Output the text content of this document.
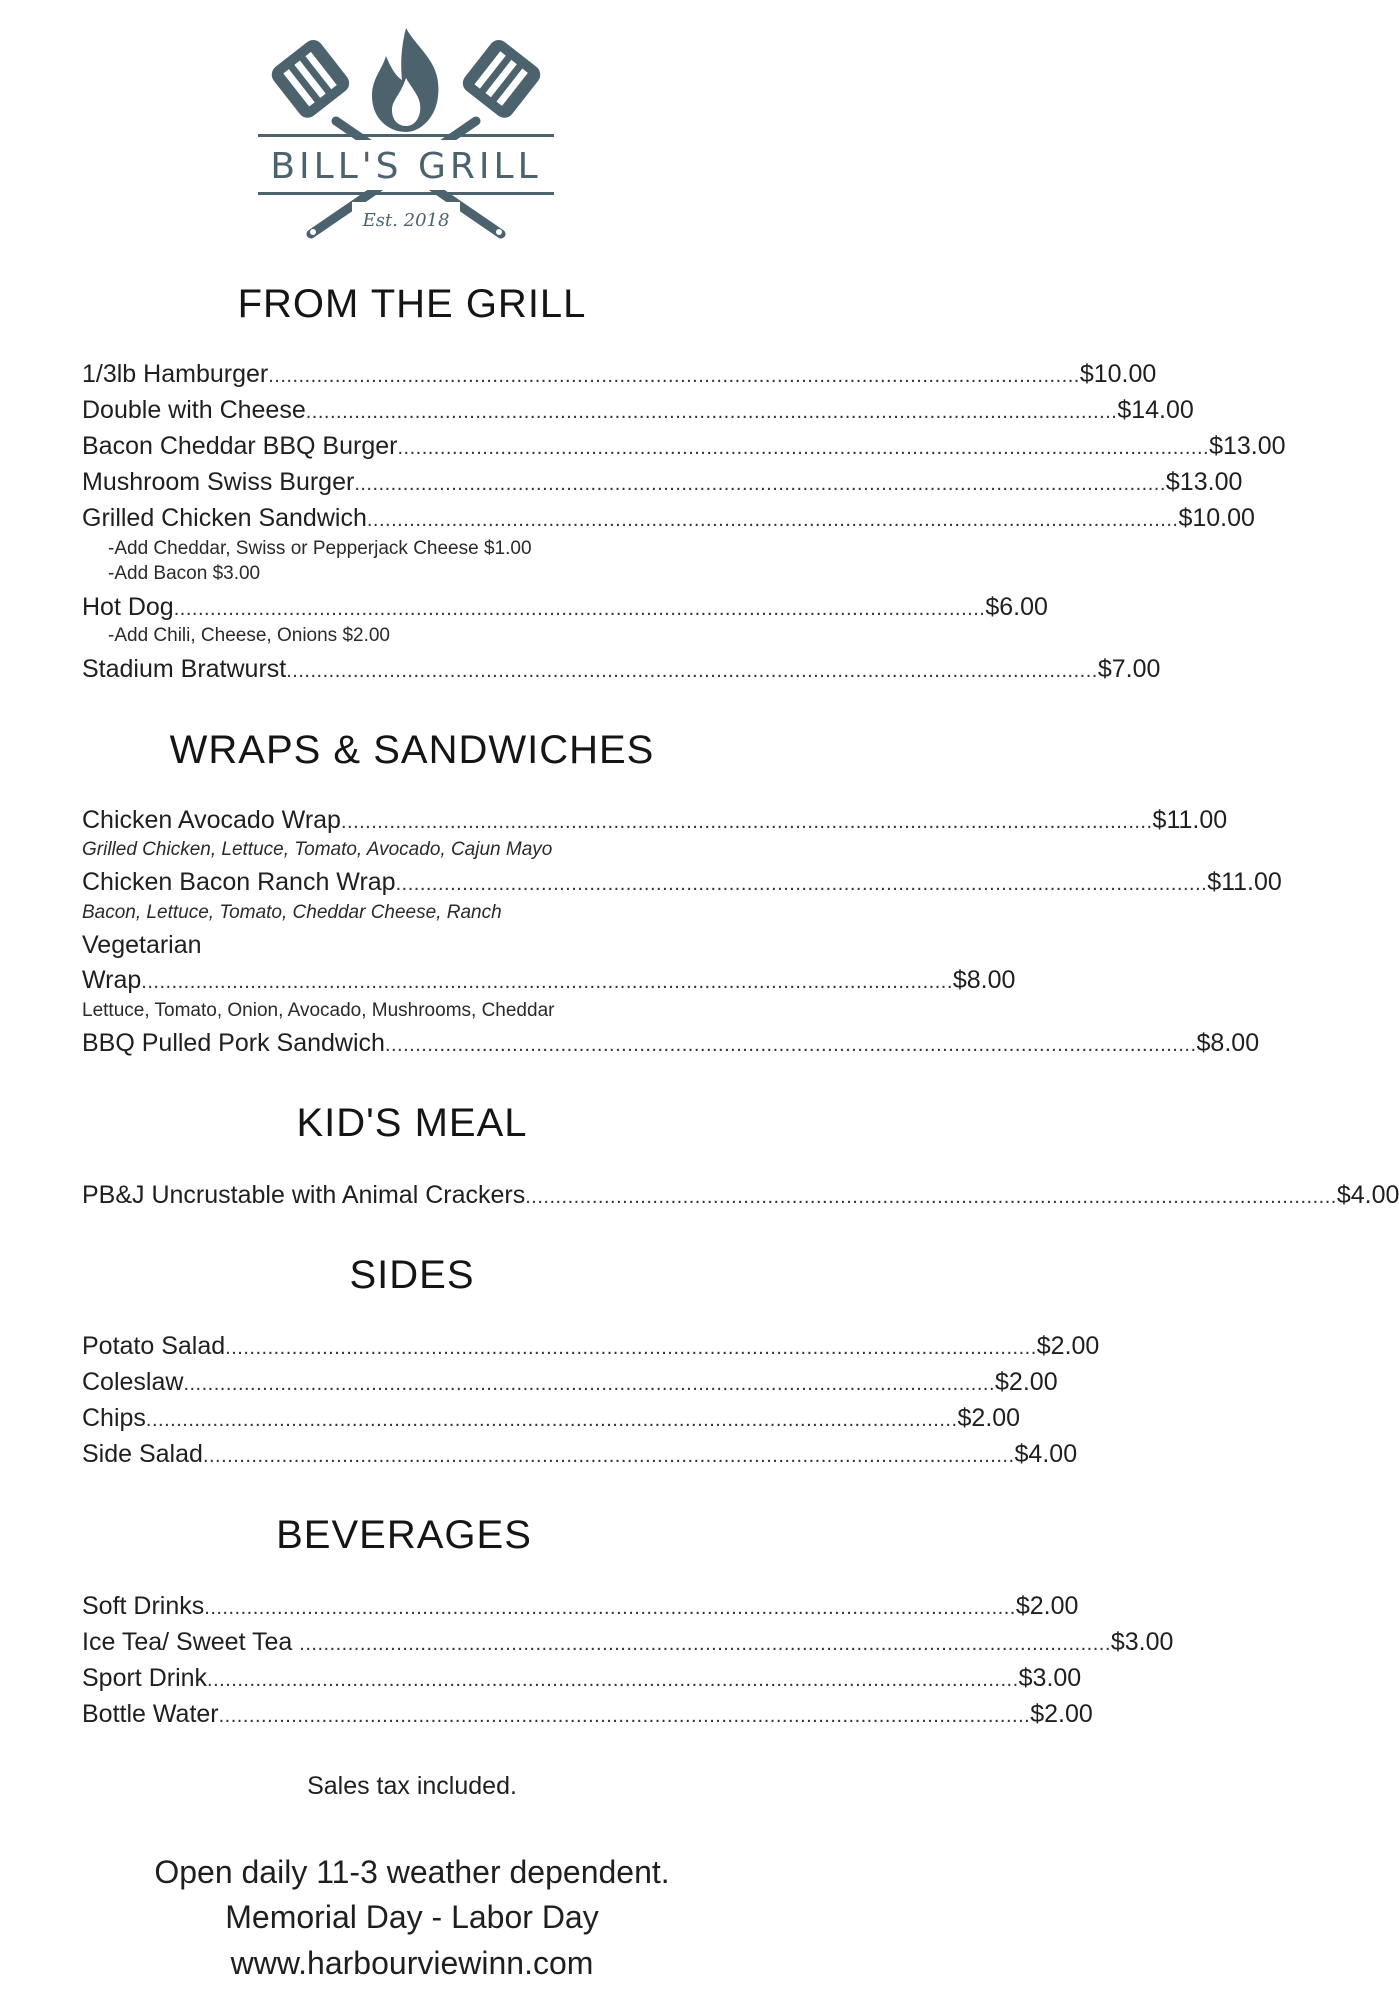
BILL'S GRILL
Est. 2018
FROM THE GRILL
1/3lb Hamburger ...................................................................................................................................... $10.00
Double with Cheese ...................................................................................................................................... $14.00
Bacon Cheddar BBQ Burger ...................................................................................................................................... $13.00
Mushroom Swiss Burger ...................................................................................................................................... $13.00
Grilled Chicken Sandwich ...................................................................................................................................... $10.00
-Add Cheddar, Swiss or Pepperjack Cheese $1.00
-Add Bacon $3.00
Hot Dog ...................................................................................................................................... $6.00
-Add Chili, Cheese, Onions $2.00
Stadium Bratwurst ...................................................................................................................................... $7.00
WRAPS & SANDWICHES
Chicken Avocado Wrap ...................................................................................................................................... $11.00
Grilled Chicken, Lettuce, Tomato, Avocado, Cajun Mayo
Chicken Bacon Ranch Wrap ...................................................................................................................................... $11.00
Bacon, Lettuce, Tomato, Cheddar Cheese, Ranch
Vegetarian
Wrap ...................................................................................................................................... $8.00
Lettuce, Tomato, Onion, Avocado, Mushrooms, Cheddar
BBQ Pulled Pork Sandwich ...................................................................................................................................... $8.00
KID'S MEAL
PB&J Uncrustable with Animal Crackers ...................................................................................................................................... $4.00
SIDES
Potato Salad ...................................................................................................................................... $2.00
Coleslaw ...................................................................................................................................... $2.00
Chips ...................................................................................................................................... $2.00
Side Salad ...................................................................................................................................... $4.00
BEVERAGES
Soft Drinks ...................................................................................................................................... $2.00
Ice Tea/ Sweet Tea ...................................................................................................................................... $3.00
Sport Drink ...................................................................................................................................... $3.00
Bottle Water ...................................................................................................................................... $2.00
Sales tax included.
Open daily 11-3 weather dependent.
Memorial Day - Labor Day
www.harbourviewinn.com
